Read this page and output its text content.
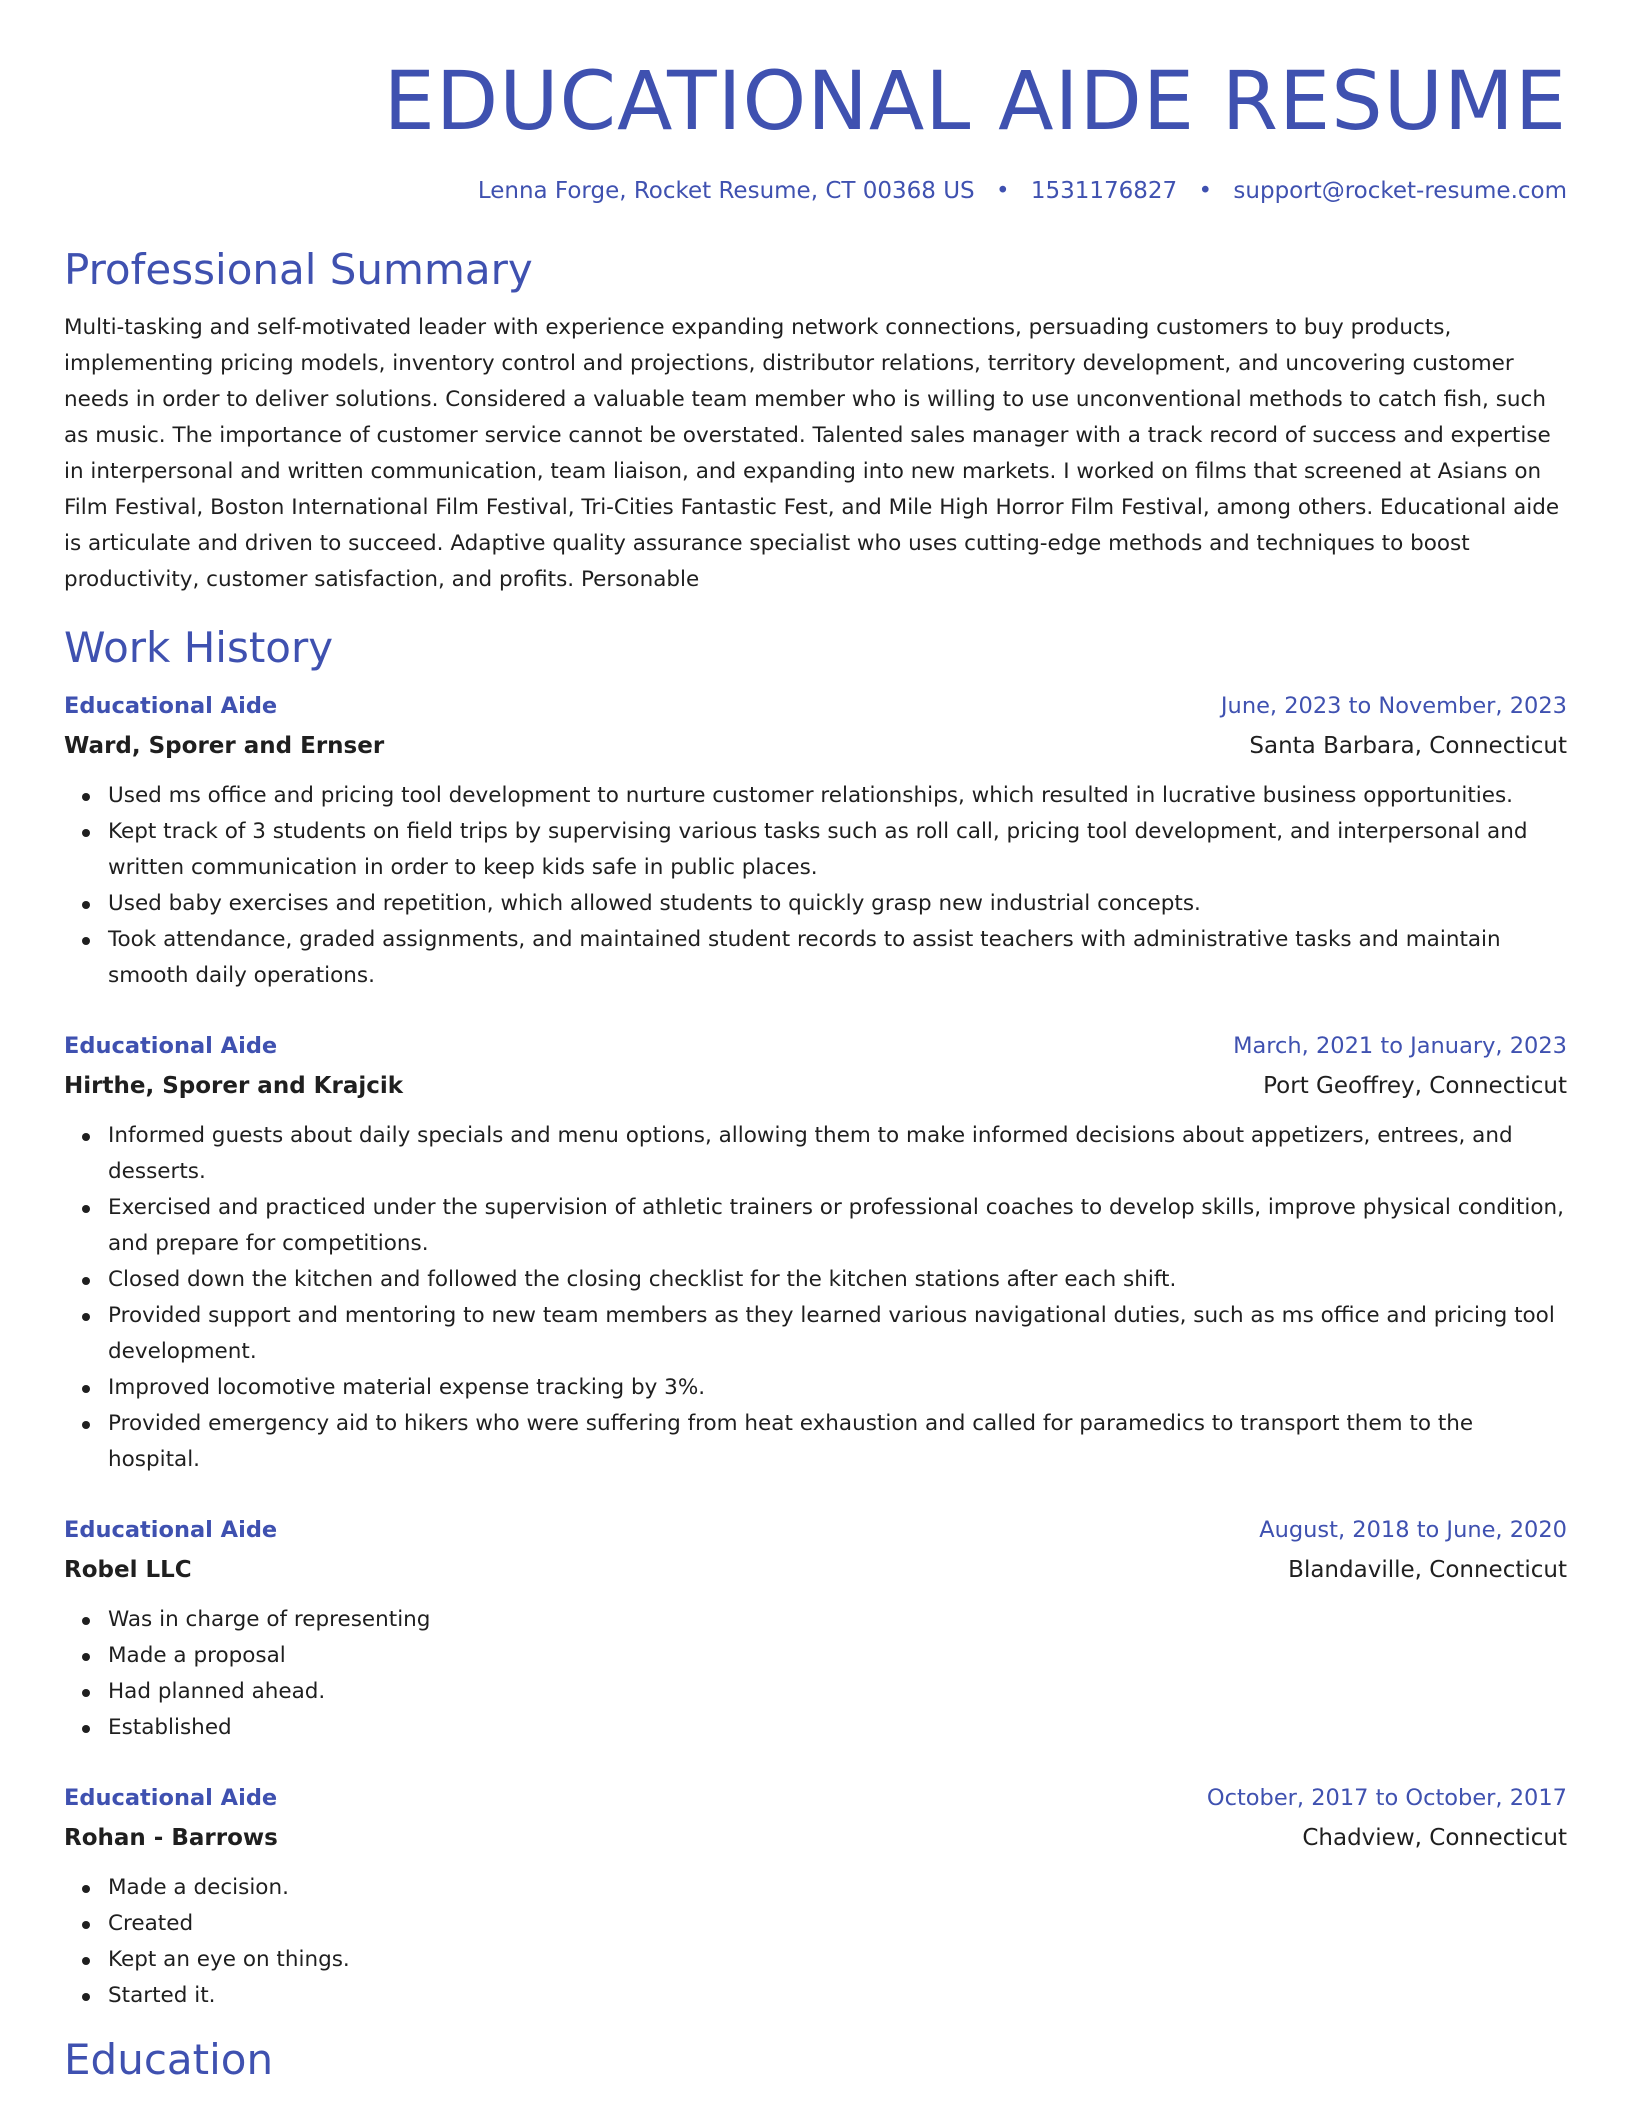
EDUCATIONAL AIDE RESUME
Lenna Forge, Rocket Resume, CT 00368 US • 1531176827 • support@rocket-resume.com
Professional Summary

Multi-tasking and self-motivated leader with experience expanding network connections, persuading customers to buy products, implementing pricing models, inventory control and projections, distributor relations, territory development, and uncovering customer needs in order to deliver solutions. Considered a valuable team member who is willing to use unconventional methods to catch fish, such as music. The importance of customer service cannot be overstated. Talented sales manager with a track record of success and expertise in interpersonal and written communication, team liaison, and expanding into new markets. I worked on films that screened at Asians on Film Festival, Boston International Film Festival, Tri-Cities Fantastic Fest, and Mile High Horror Film Festival, among others. Educational aide is articulate and driven to succeed. Adaptive quality assurance specialist who uses cutting-edge methods and techniques to boost productivity, customer satisfaction, and profits. Personable

Work History
Educational Aide	June, 2023 to November, 2023
Ward, Sporer and Ernser	Santa Barbara, Connecticut
Used ms office and pricing tool development to nurture customer relationships, which resulted in lucrative business opportunities.
Kept track of 3 students on field trips by supervising various tasks such as roll call, pricing tool development, and interpersonal and written communication in order to keep kids safe in public places.
Used baby exercises and repetition, which allowed students to quickly grasp new industrial concepts.
Took attendance, graded assignments, and maintained student records to assist teachers with administrative tasks and maintain smooth daily operations.
Educational Aide	March, 2021 to January, 2023
Hirthe, Sporer and Krajcik	Port Geoffrey, Connecticut
Informed guests about daily specials and menu options, allowing them to make informed decisions about appetizers, entrees, and desserts.
Exercised and practiced under the supervision of athletic trainers or professional coaches to develop skills, improve physical condition, and prepare for competitions.
Closed down the kitchen and followed the closing checklist for the kitchen stations after each shift.
Provided support and mentoring to new team members as they learned various navigational duties, such as ms office and pricing tool development.
Improved locomotive material expense tracking by 3%.
Provided emergency aid to hikers who were suffering from heat exhaustion and called for paramedics to transport them to the hospital.
Educational Aide	August, 2018 to June, 2020
Robel LLC	Blandaville, Connecticut
Was in charge of representing
Made a proposal
Had planned ahead.
Established
Educational Aide	October, 2017 to October, 2017
Rohan - Barrows	Chadview, Connecticut
Made a decision.
Created
Kept an eye on things.
Started it.
Education
